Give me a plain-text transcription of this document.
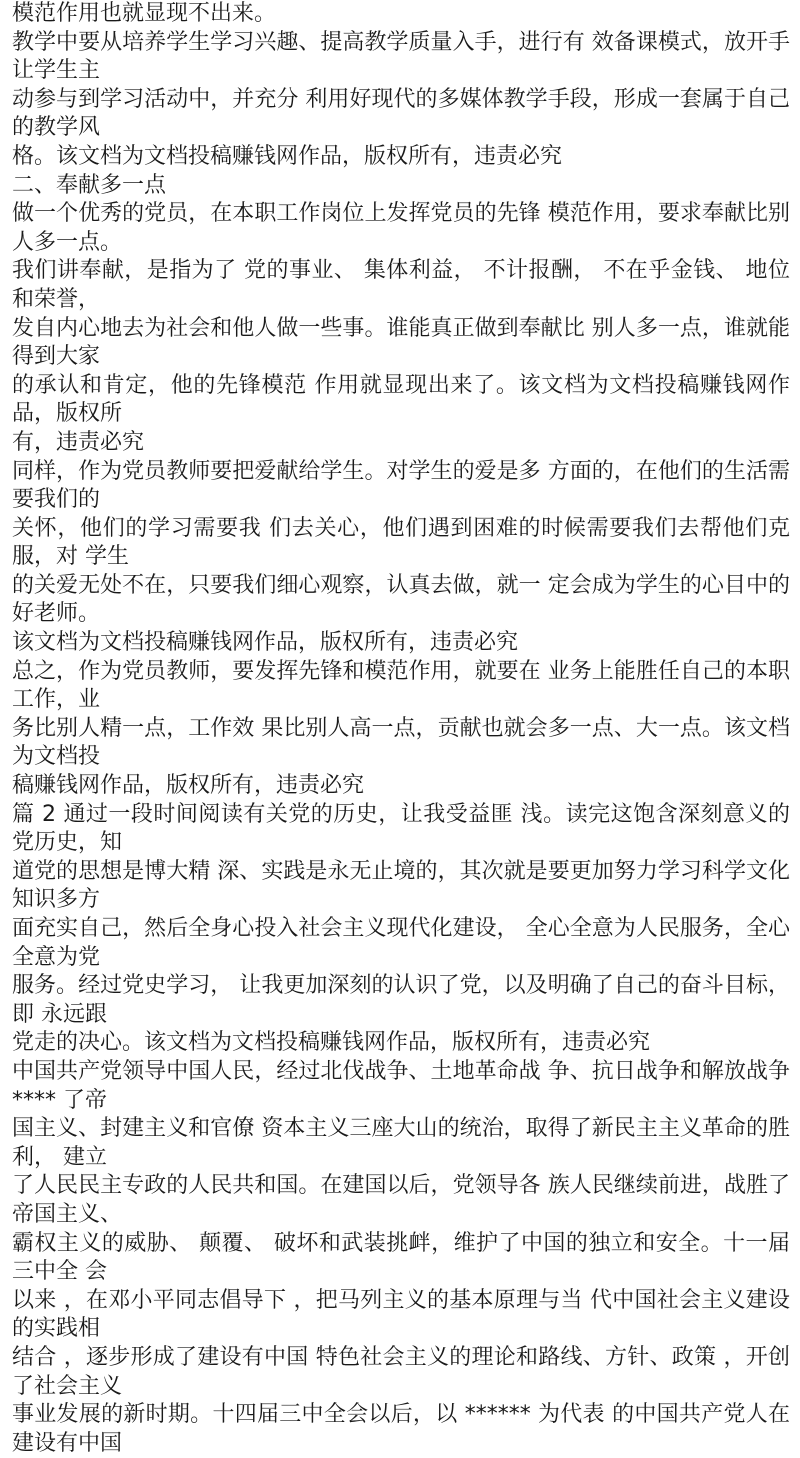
模范作用也就显现不出来。
教学中要从培养学生学习兴趣、提高教学质量入手，进行有 效备课模式，放开手让学生主
动参与到学习活动中，并充分 利用好现代的多媒体教学手段，形成一套属于自己的教学风
格。该文档为文档投稿赚钱网作品，版权所有，违责必究
二、奉献多一点
做一个优秀的党员，在本职工作岗位上发挥党员的先锋 模范作用，要求奉献比别人多一点。
我们讲奉献，是指为了 党的事业、 集体利益， 不计报酬， 不在乎金钱、 地位和荣誉，
发自内心地去为社会和他人做一些事。谁能真正做到奉献比 别人多一点，谁就能得到大家
的承认和肯定，他的先锋模范 作用就显现出来了。该文档为文档投稿赚钱网作品，版权所
有，违责必究
同样，作为党员教师要把爱献给学生。对学生的爱是多 方面的，在他们的生活需要我们的
关怀，他们的学习需要我 们去关心，他们遇到困难的时候需要我们去帮他们克服，对 学生
的关爱无处不在，只要我们细心观察，认真去做，就一 定会成为学生的心目中的好老师。
该文档为文档投稿赚钱网作品，版权所有，违责必究
总之，作为党员教师，要发挥先锋和模范作用，就要在 业务上能胜任自己的本职工作，业
务比别人精一点，工作效 果比别人高一点，贡献也就会多一点、大一点。该文档为文档投
稿赚钱网作品，版权所有，违责必究
篇 2 通过一段时间阅读有关党的历史，让我受益匪 浅。读完这饱含深刻意义的党历史，知
道党的思想是博大精 深、实践是永无止境的，其次就是要更加努力学习科学文化 知识多方
面充实自己，然后全身心投入社会主义现代化建设， 全心全意为人民服务，全心全意为党
服务。经过党史学习， 让我更加深刻的认识了党，以及明确了自己的奋斗目标，即 永远跟
党走的决心。该文档为文档投稿赚钱网作品，版权所有，违责必究
中国共产党领导中国人民，经过北伐战争、土地革命战 争、抗日战争和解放战争 **** 了帝
国主义、封建主义和官僚 资本主义三座大山的统治，取得了新民主主义革命的胜利， 建立
了人民民主专政的人民共和国。在建国以后，党领导各 族人民继续前进，战胜了帝国主义、
霸权主义的威胁、 颠覆、 破坏和武装挑衅，维护了中国的独立和安全。十一届三中全 会
以来 ，在邓小平同志倡导下 ，把马列主义的基本原理与当 代中国社会主义建设的实践相
结合 ，逐步形成了建设有中国 特色社会主义的理论和路线、方针、政策 ，开创了社会主义
事业发展的新时期。十四届三中全会以后，以 ****** 为代表 的中国共产党人在建设有中国
